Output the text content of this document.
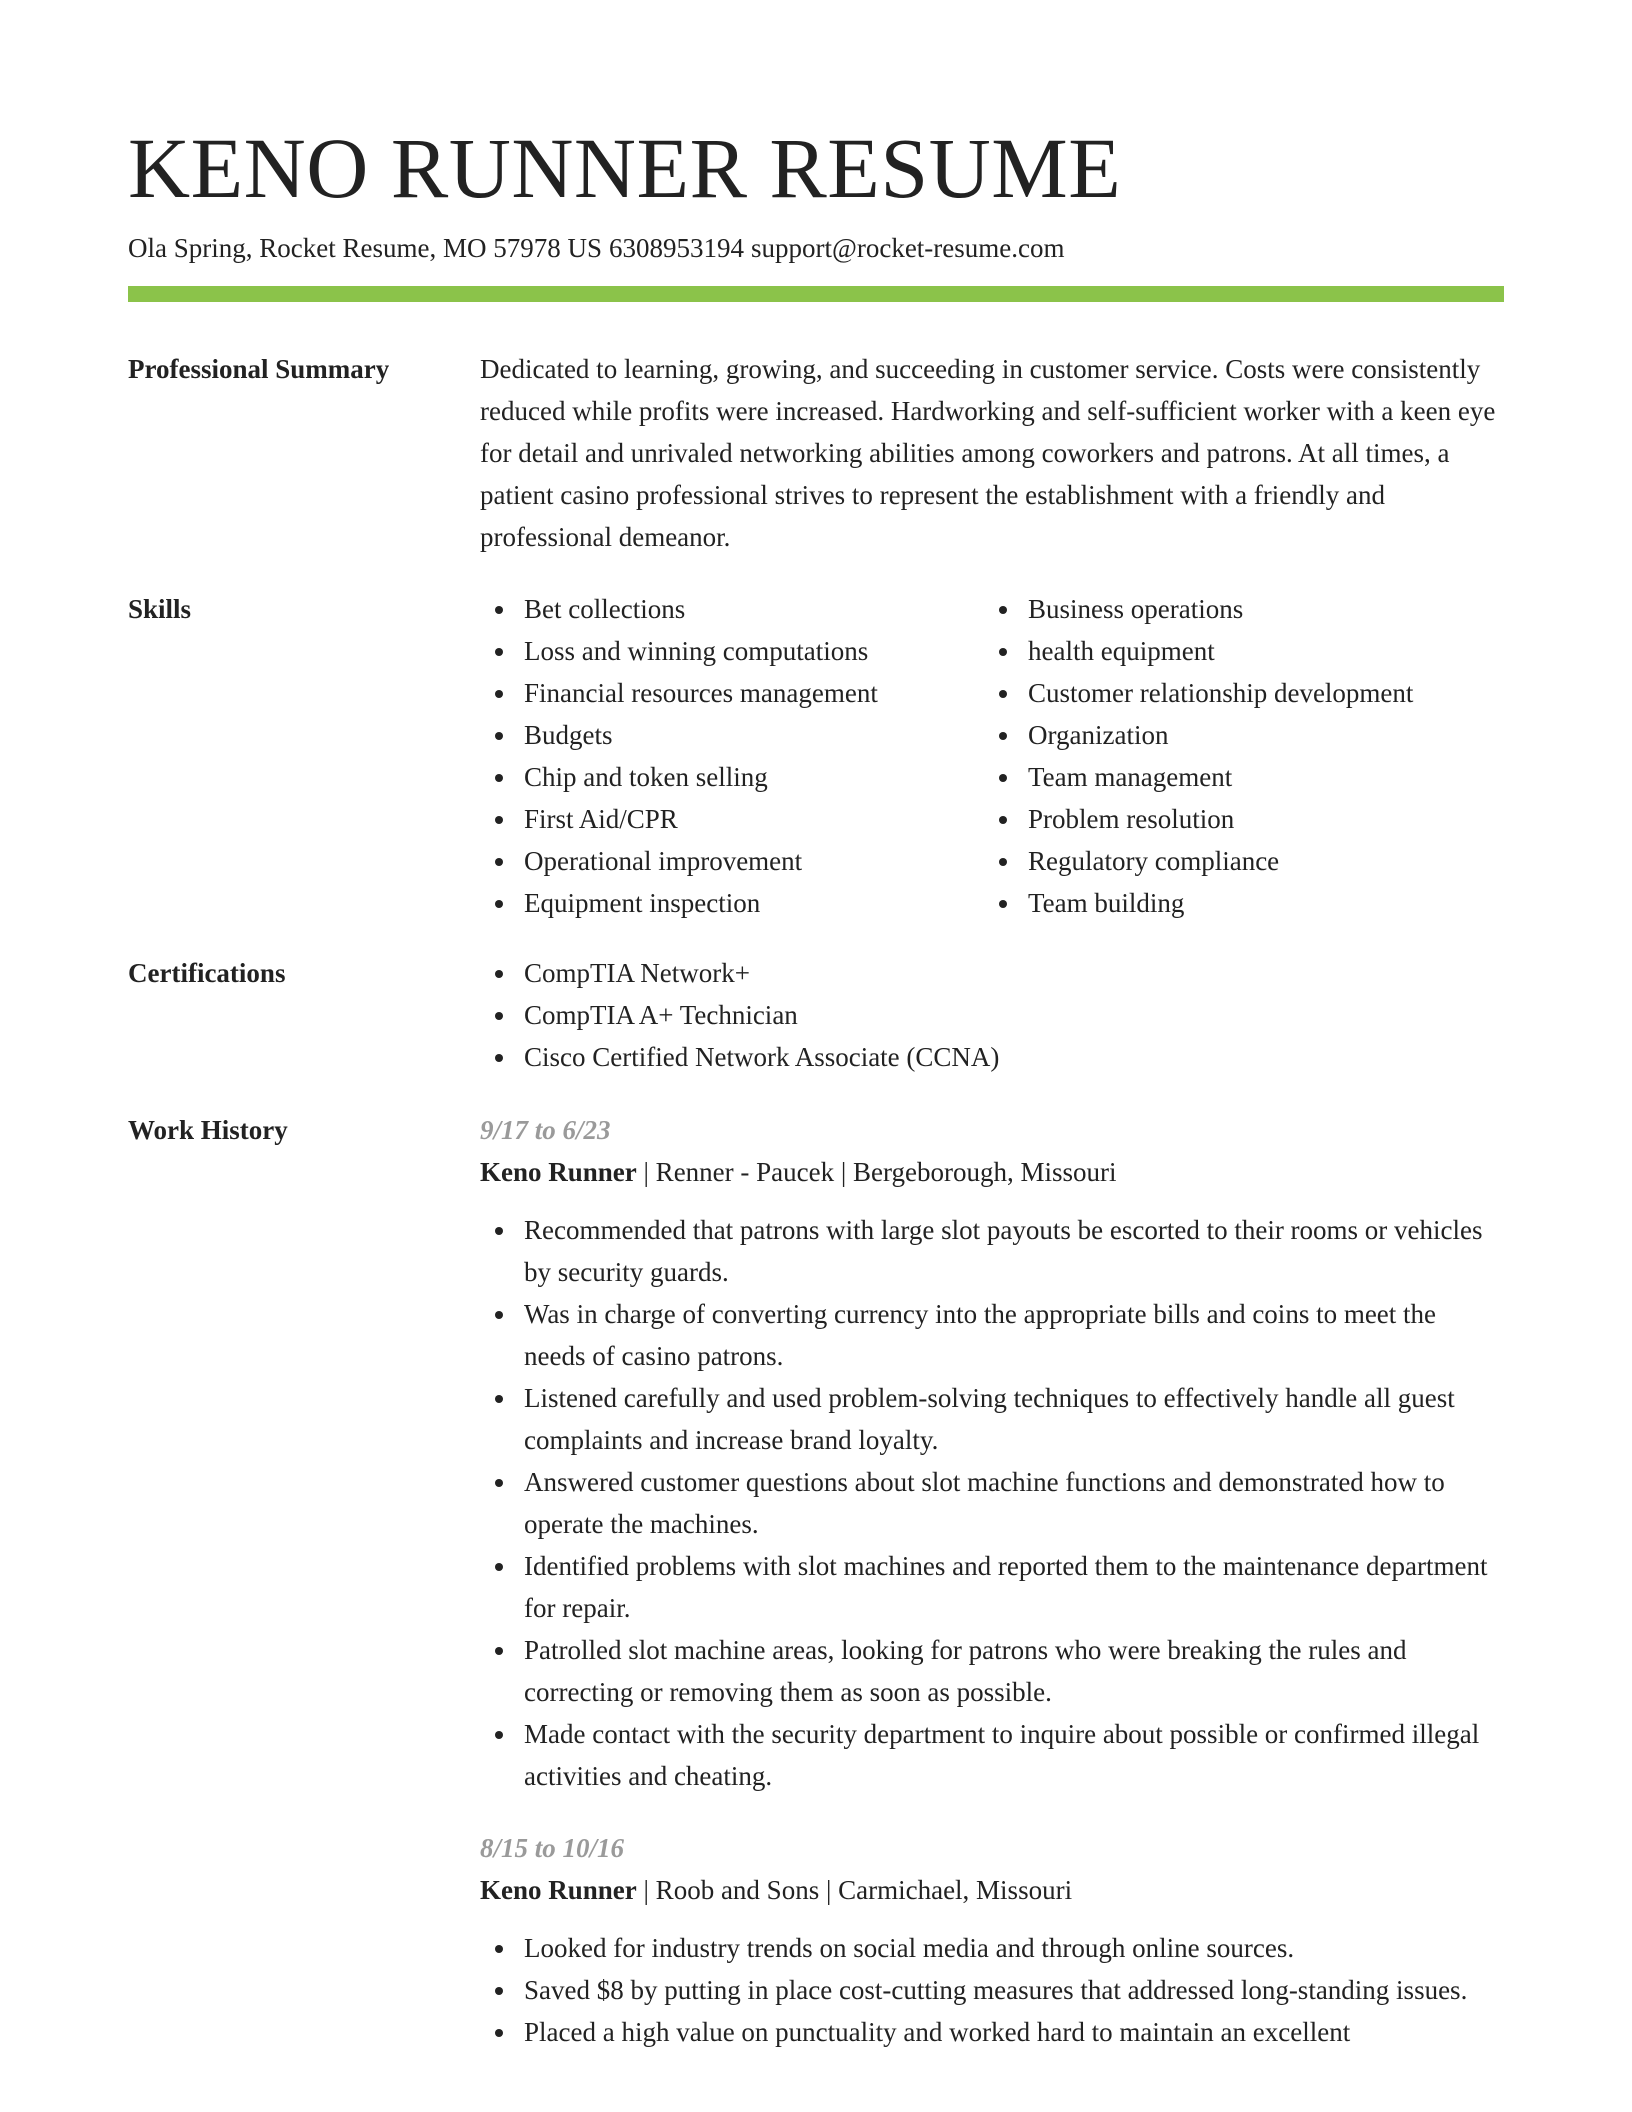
KENO RUNNER RESUME
Ola Spring, Rocket Resume, MO 57978 US 6308953194 support@rocket-resume.com
Professional Summary	Dedicated to learning, growing, and succeeding in customer service. Costs were consistently reduced while profits were increased. Hardworking and self-sufficient worker with a keen eye for detail and unrivaled networking abilities among coworkers and patrons. At all times, a patient casino professional strives to represent the establishment with a friendly and professional demeanor.

Skills	Bet collections
Loss and winning computations
Financial resources management
Budgets
Chip and token selling
First Aid/CPR
Operational improvement
Equipment inspection
Business operations
health equipment
Customer relationship development
Organization
Team management
Problem resolution
Regulatory compliance
Team building
Certifications	CompTIA Network+
CompTIA A+ Technician
Cisco Certified Network Associate (CCNA)
Work History	9/17 to 6/23
Keno Runner | Renner - Paucek | Bergeborough, Missouri
Recommended that patrons with large slot payouts be escorted to their rooms or vehicles by security guards.
Was in charge of converting currency into the appropriate bills and coins to meet the needs of casino patrons.
Listened carefully and used problem-solving techniques to effectively handle all guest complaints and increase brand loyalty.
Answered customer questions about slot machine functions and demonstrated how to operate the machines.
Identified problems with slot machines and reported them to the maintenance department for repair.
Patrolled slot machine areas, looking for patrons who were breaking the rules and correcting or removing them as soon as possible.
Made contact with the security department to inquire about possible or confirmed illegal activities and cheating.
8/15 to 10/16
Keno Runner | Roob and Sons | Carmichael, Missouri
Looked for industry trends on social media and through online sources.
Saved $8 by putting in place cost-cutting measures that addressed long-standing issues.
Placed a high value on punctuality and worked hard to maintain an excellent
